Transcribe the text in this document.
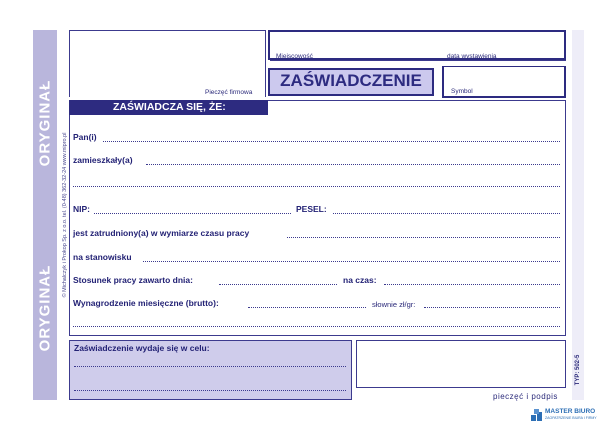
ORYGINAŁ
ORYGINAŁ
© Michalczyk i Prokop Sp. z o.o. tel. (0-48) 362-32-24 www.mipro.pl
Pieczęć firmowa
Miejscowość	data wystawienia
ZAŚWIADCZENIE
Symbol
ZAŚWIADCZA SIĘ, ŻE:
Pan(i)
zamieszkały(a)
NIP:	PESEL:
jest zatrudniony(a) w wymiarze czasu pracy
na stanowisku
Stosunek pracy zawarto dnia:	na czas:
Wynagrodzenie miesięczne (brutto):	słownie zł/gr:
Zaświadczenie wydaje się w celu:
pieczęć i podpis
TYP: 502-5
MASTER BIURO
ZAOPATRZENIE BIURA I FIRMY
